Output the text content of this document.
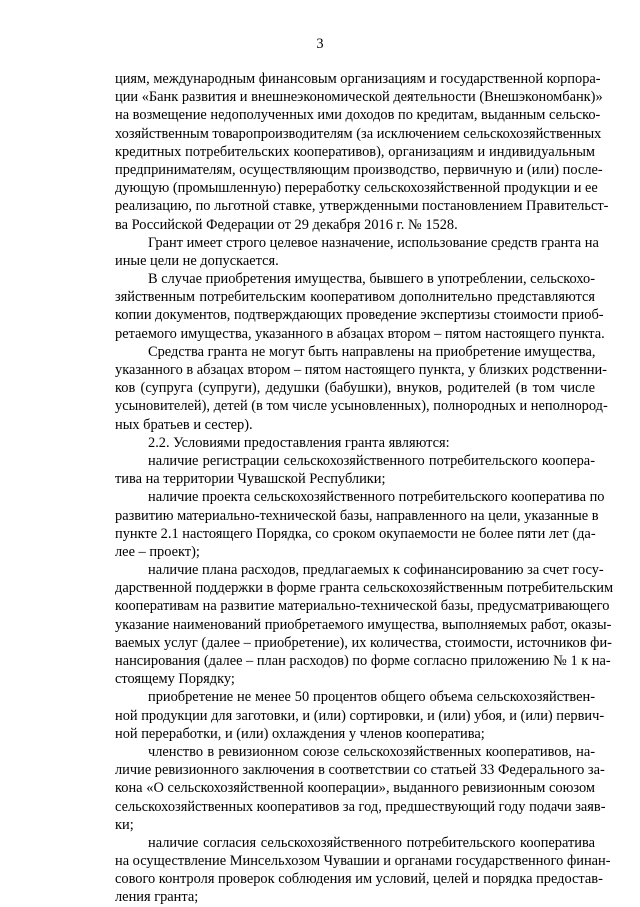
3
циям, международным финансовым организациям и государственной корпора-
ции «Банк развития и внешнеэкономической деятельности (Внешэкономбанк)»
на возмещение недополученных ими доходов по кредитам, выданным сельско-
хозяйственным товаропроизводителям (за исключением сельскохозяйственных
кредитных потребительских кооперативов), организациям и индивидуальным
предпринимателям, осуществляющим производство, первичную и (или) после-
дующую (промышленную) переработку сельскохозяйственной продукции и ее
реализацию, по льготной ставке, утвержденными постановлением Правительст-
ва Российской Федерации от 29 декабря 2016 г. № 1528.
Грант имеет строго целевое назначение, использование средств гранта на
иные цели не допускается.
В случае приобретения имущества, бывшего в употреблении, сельскохо-
зяйственным потребительским кооперативом дополнительно представляются
копии документов, подтверждающих проведение экспертизы стоимости приоб-
ретаемого имущества, указанного в абзацах втором – пятом настоящего пункта.
Средства гранта не могут быть направлены на приобретение имущества,
указанного в абзацах втором – пятом настоящего пункта, у близких родственни-
ков (супруга (супруги), дедушки (бабушки), внуков, родителей (в том числе
усыновителей), детей (в том числе усыновленных), полнородных и неполнород-
ных братьев и сестер).
2.2. Условиями предоставления гранта являются:
наличие регистрации сельскохозяйственного потребительского коопера-
тива на территории Чувашской Республики;
наличие проекта сельскохозяйственного потребительского кооператива по
развитию материально-технической базы, направленного на цели, указанные в
пункте 2.1 настоящего Порядка, со сроком окупаемости не более пяти лет (да-
лее – проект);
наличие плана расходов, предлагаемых к софинансированию за счет госу-
дарственной поддержки в форме гранта сельскохозяйственным потребительским
кооперативам на развитие материально-технической базы, предусматривающего
указание наименований приобретаемого имущества, выполняемых работ, оказы-
ваемых услуг (далее – приобретение), их количества, стоимости, источников фи-
нансирования (далее – план расходов) по форме согласно приложению № 1 к на-
стоящему Порядку;
приобретение не менее 50 процентов общего объема сельскохозяйствен-
ной продукции для заготовки, и (или) сортировки, и (или) убоя, и (или) первич-
ной переработки, и (или) охлаждения у членов кооператива;
членство в ревизионном союзе сельскохозяйственных кооперативов, на-
личие ревизионного заключения в соответствии со статьей 33 Федерального за-
кона «О сельскохозяйственной кооперации», выданного ревизионным союзом
сельскохозяйственных кооперативов за год, предшествующий году подачи заяв-
ки;
наличие согласия сельскохозяйственного потребительского кооператива
на осуществление Минсельхозом Чувашии и органами государственного финан-
сового контроля проверок соблюдения им условий, целей и порядка предостав-
ления гранта;
